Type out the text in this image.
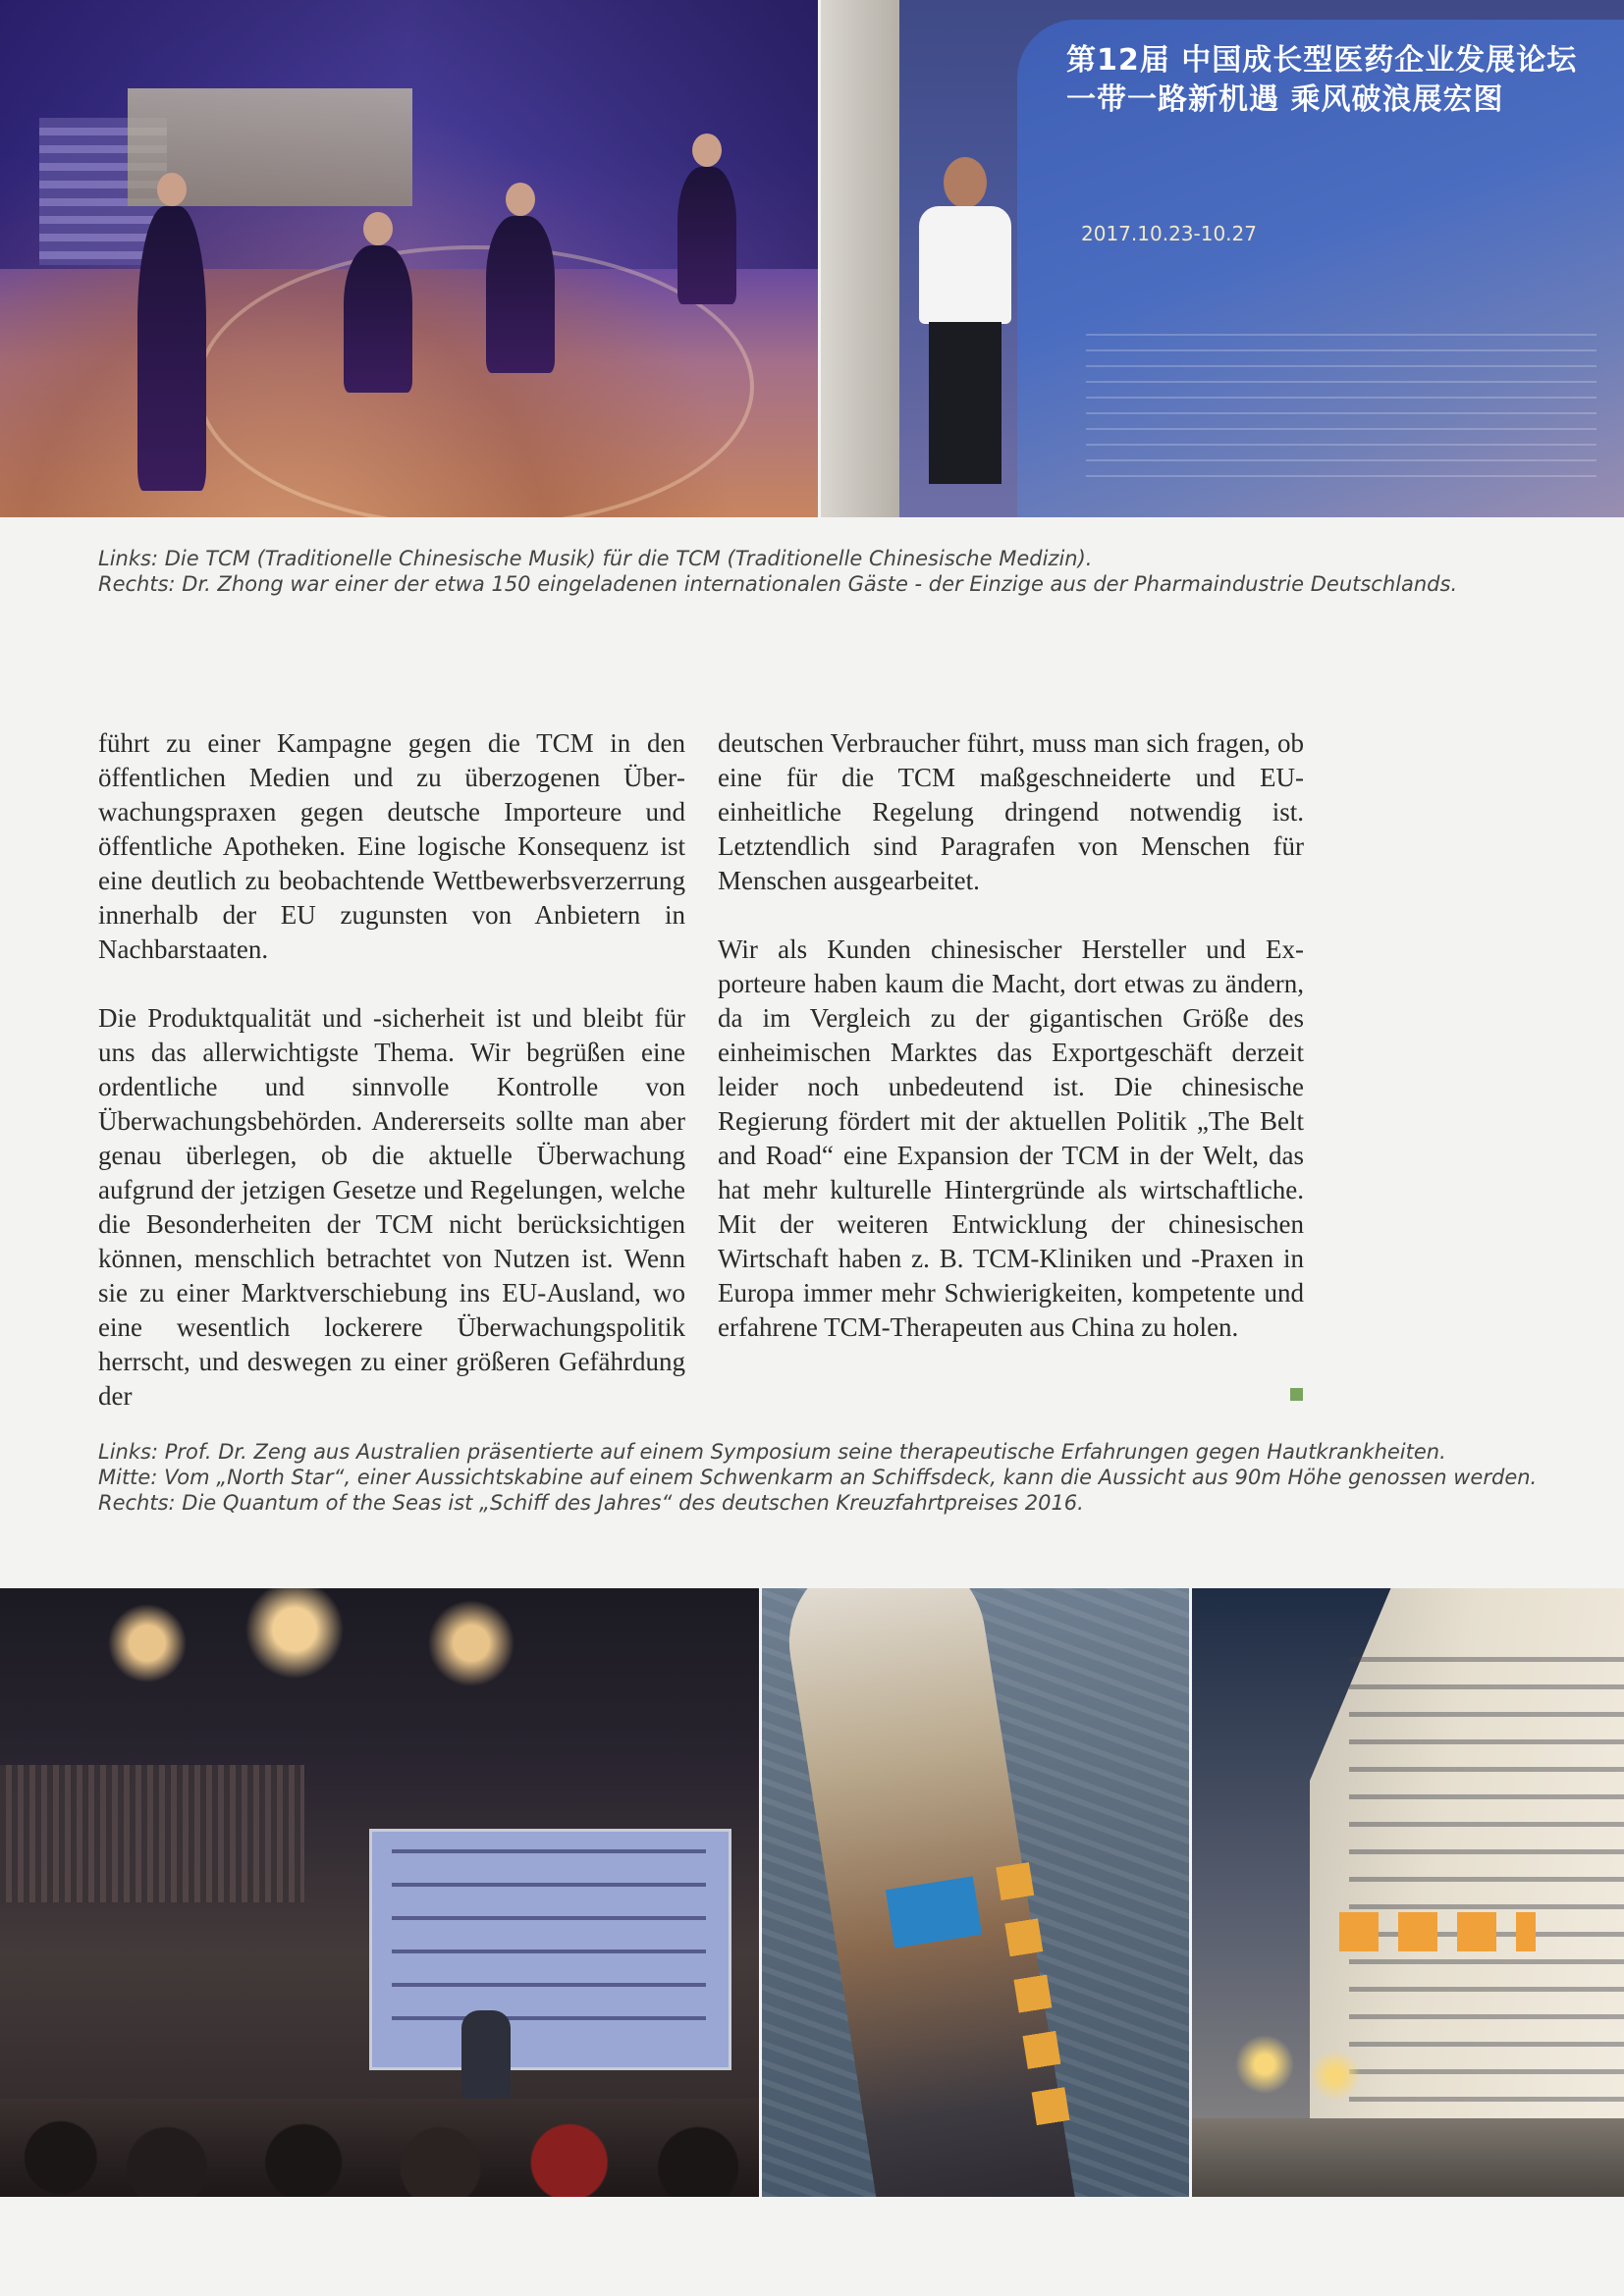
第12届 中国成长型医药企业发展论坛 一带一路新机遇 乘风破浪展宏图
2017.10.23-10.27
Links: Die TCM (Traditionelle Chinesische Musik) für die TCM (Traditionelle Chinesische Medizin).
Rechts: Dr. Zhong war einer der etwa 150 eingeladenen internationalen Gäste - der Einzige aus der Pharmaindustrie Deutschlands.

führt zu einer Kampagne gegen die TCM in den öffentlichen Medien und zu überzogenen Überwachungspraxen gegen deutsche Importeure und öffentliche Apotheken. Eine logische Konsequenz ist eine deutlich zu beobachtende Wettbewerbsverzerrung innerhalb der EU zugunsten von Anbietern in Nachbarstaaten.

Die Produktqualität und -sicherheit ist und bleibt für uns das allerwichtigste Thema. Wir begrüßen eine ordentliche und sinnvolle Kontrolle von Überwachungsbehörden. Andererseits sollte man aber genau überlegen, ob die aktuelle Überwachung aufgrund der jetzigen Gesetze und Regelungen, welche die Besonderheiten der TCM nicht berücksichtigen können, menschlich betrachtet von Nutzen ist. Wenn sie zu einer Marktverschiebung ins EU-Ausland, wo eine wesentlich lockerere Überwachungspolitik herrscht, und deswegen zu einer größeren Gefährdung der

deutschen Verbraucher führt, muss man sich fragen, ob eine für die TCM maßgeschneiderte und EU-einheitliche Regelung dringend notwendig ist. Letztendlich sind Paragrafen von Menschen für Menschen ausgearbeitet.

Wir als Kunden chinesischer Hersteller und Exporteure haben kaum die Macht, dort etwas zu ändern, da im Vergleich zu der gigantischen Größe des einheimischen Marktes das Exportgeschäft derzeit leider noch unbedeutend ist. Die chinesische Regierung fördert mit der aktuellen Politik „The Belt and Road“ eine Expansion der TCM in der Welt, das hat mehr kulturelle Hintergründe als wirtschaftliche. Mit der weiteren Entwicklung der chinesischen Wirtschaft haben z. B. TCM-Kliniken und -Praxen in Europa immer mehr Schwierigkeiten, kompetente und erfahrene TCM-Therapeuten aus China zu holen.

Links: Prof. Dr. Zeng aus Australien präsentierte auf einem Symposium seine therapeutische Erfahrungen gegen Hautkrankheiten.
Mitte: Vom „North Star“, einer Aussichtskabine auf einem Schwenkarm an Schiffsdeck, kann die Aussicht aus 90m Höhe genossen werden.
Rechts: Die Quantum of the Seas ist „Schiff des Jahres“ des deutschen Kreuzfahrtpreises 2016.
